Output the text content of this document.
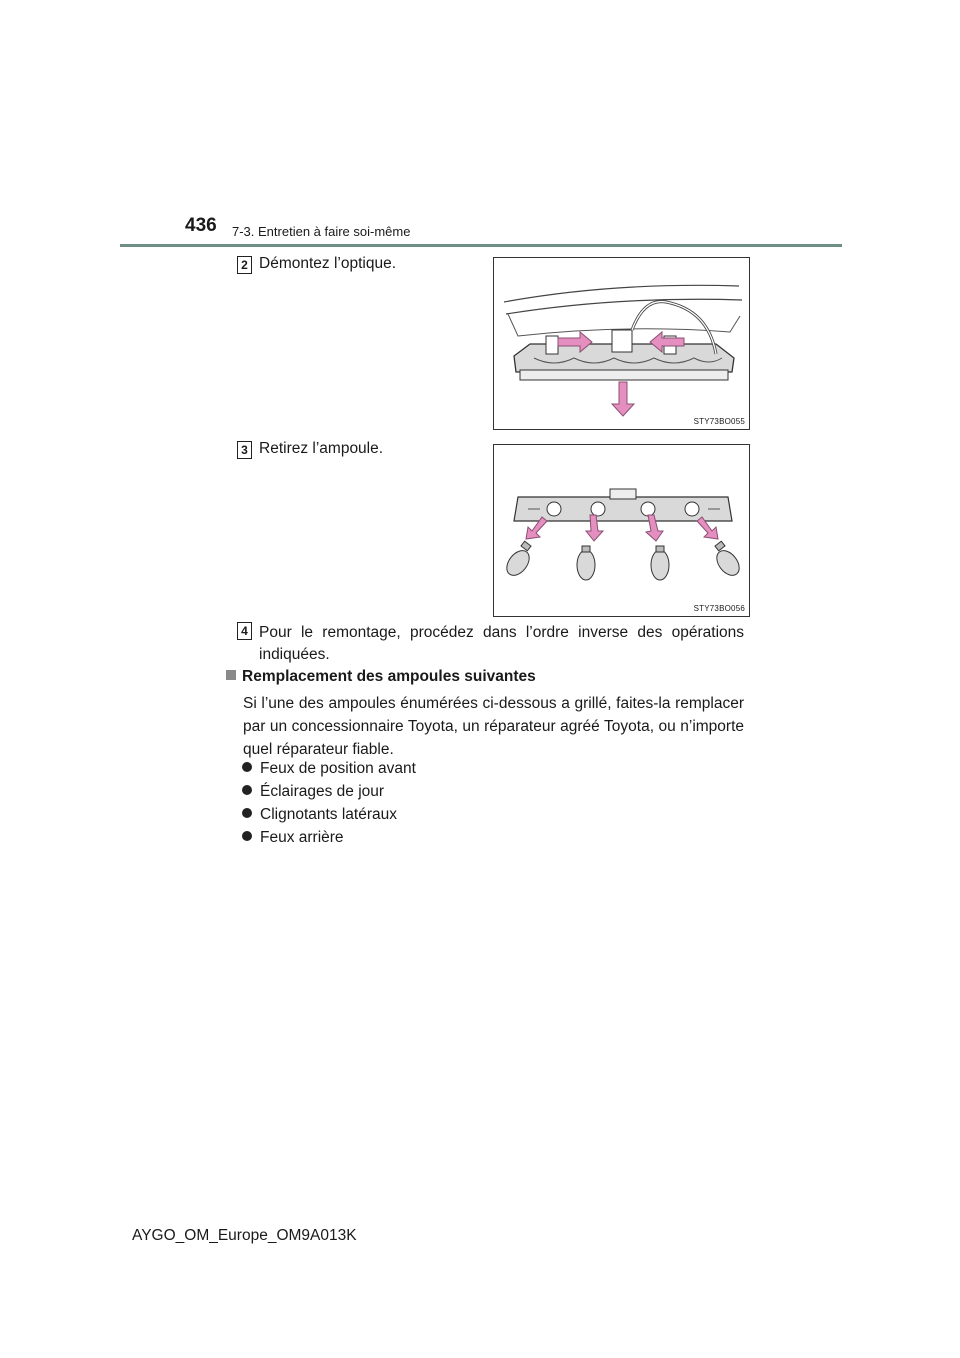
436 7-3. Entretien à faire soi-même
2 Démontez l’optique.
STY73BO055
3 Retirez l’ampoule.
STY73BO056
4 Pour le remontage, procédez dans l’ordre inverse des opérations indiquées.
Remplacement des ampoules suivantes
Si l’une des ampoules énumérées ci-dessous a grillé, faites-la remplacer par un concessionnaire Toyota, un réparateur agréé Toyota, ou n’importe quel réparateur fiable.
Feux de position avant
Éclairages de jour
Clignotants latéraux
Feux arrière
AYGO_OM_Europe_OM9A013K
